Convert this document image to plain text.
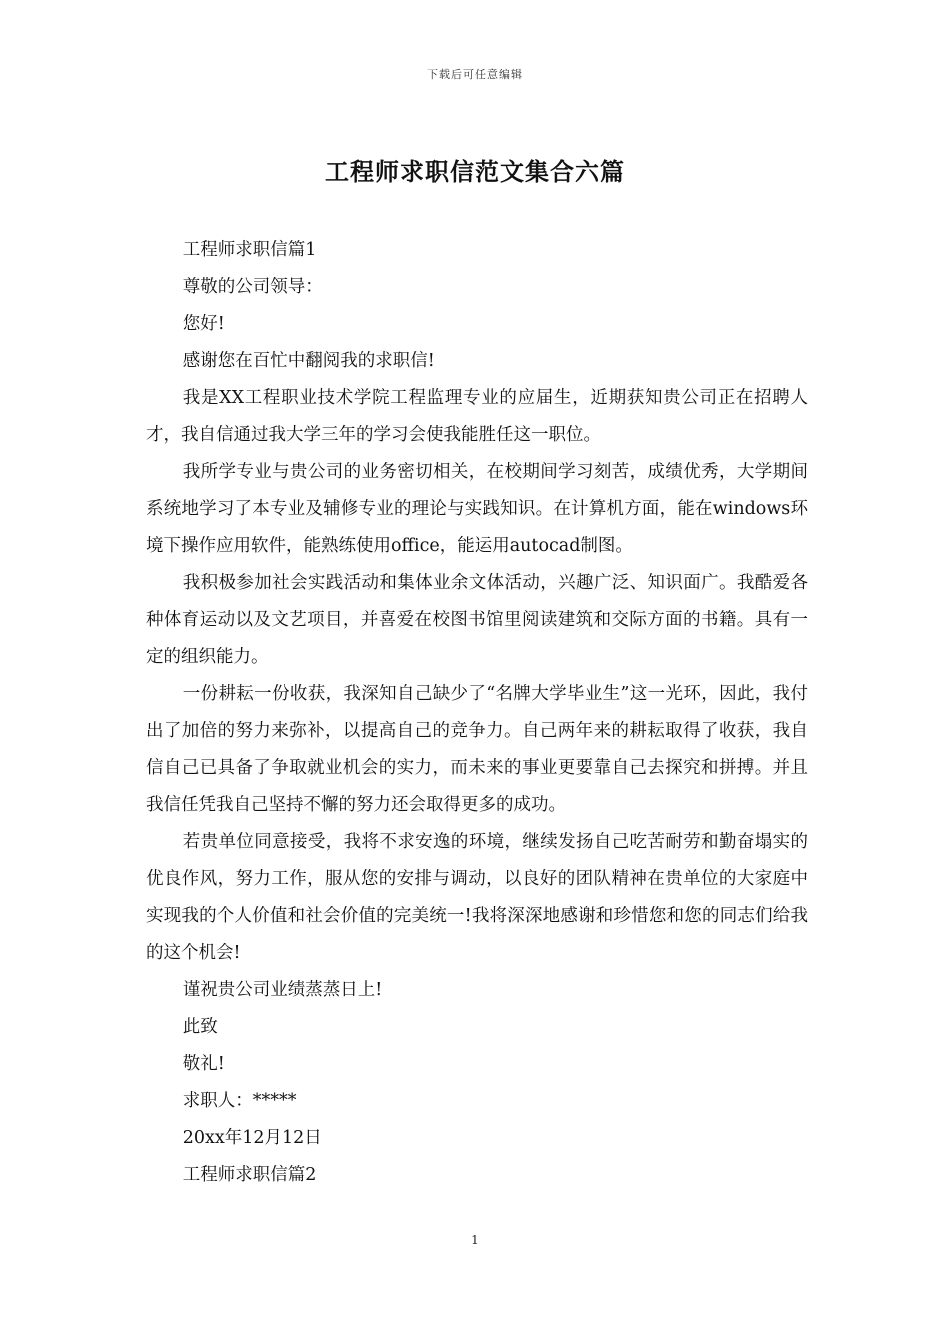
下载后可任意编辑
工程师求职信范文集合六篇

工程师求职信篇1

尊敬的公司领导：

您好!

感谢您在百忙中翻阅我的求职信!

我是XX工程职业技术学院工程监理专业的应届生，近期获知贵公司正在招聘人才，我自信通过我大学三年的学习会使我能胜任这一职位。

我所学专业与贵公司的业务密切相关，在校期间学习刻苦，成绩优秀，大学期间系统地学习了本专业及辅修专业的理论与实践知识。在计算机方面，能在windows环境下操作应用软件，能熟练使用office，能运用autocad制图。

我积极参加社会实践活动和集体业余文体活动，兴趣广泛、知识面广。我酷爱各种体育运动以及文艺项目，并喜爱在校图书馆里阅读建筑和交际方面的书籍。具有一定的组织能力。

一份耕耘一份收获，我深知自己缺少了“名牌大学毕业生”这一光环，因此，我付出了加倍的努力来弥补，以提高自己的竞争力。自己两年来的耕耘取得了收获，我自信自己已具备了争取就业机会的实力，而未来的事业更要靠自己去探究和拼搏。并且我信任凭我自己坚持不懈的努力还会取得更多的成功。

若贵单位同意接受，我将不求安逸的环境，继续发扬自己吃苦耐劳和勤奋塌实的优良作风，努力工作，服从您的安排与调动，以良好的团队精神在贵单位的大家庭中实现我的个人价值和社会价值的完美统一!我将深深地感谢和珍惜您和您的同志们给我的这个机会!

谨祝贵公司业绩蒸蒸日上!

此致

敬礼!

求职人：*****

20xx年12月12日

工程师求职信篇2

1
